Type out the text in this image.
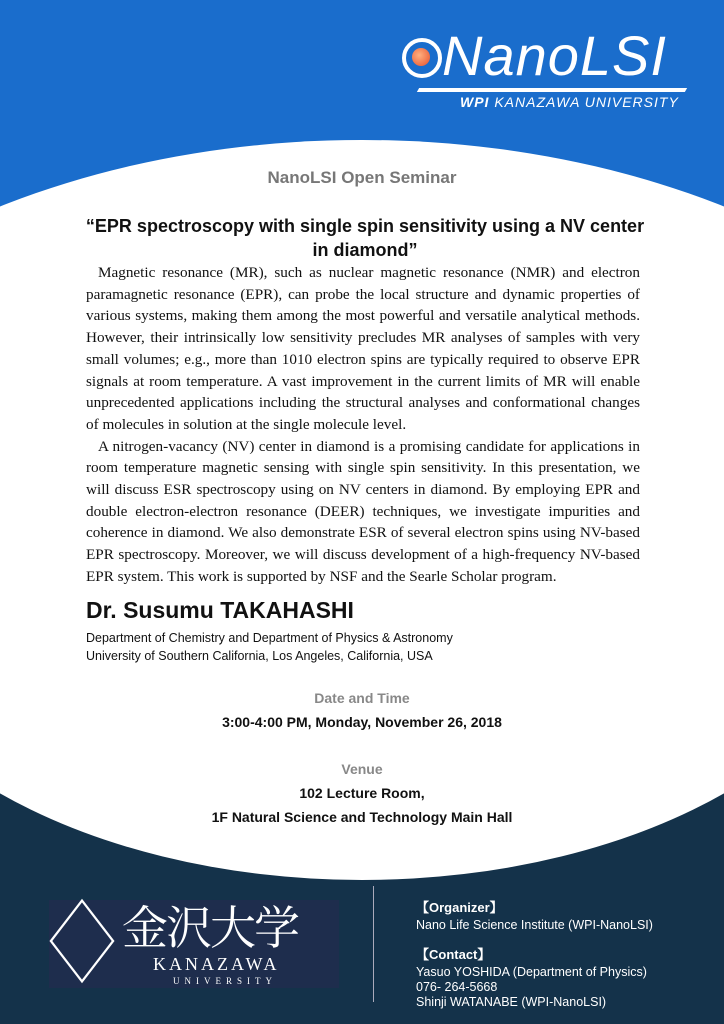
NanoLSI
WPI KANAZAWA UNIVERSITY
NanoLSI Open Seminar
“EPR spectroscopy with single spin sensitivity using a NV center in diamond”

Magnetic resonance (MR), such as nuclear magnetic resonance (NMR) and electron paramagnetic resonance (EPR), can probe the local structure and dynamic properties of various systems, making them among the most powerful and versatile analytical methods. However, their intrinsically low sensitivity precludes MR analyses of samples with very small volumes; e.g., more than 1010 electron spins are typically required to observe EPR signals at room temperature. A vast improvement in the current limits of MR will enable unprecedented applications including the structural analyses and conformational changes of molecules in solution at the single molecule level.

A nitrogen-vacancy (NV) center in diamond is a promising candidate for applications in room temperature magnetic sensing with single spin sensitivity. In this presentation, we will discuss ESR spectroscopy using on NV centers in diamond. By employing EPR and double electron-electron resonance (DEER) techniques, we investigate impurities and coherence in diamond. We also demonstrate ESR of several electron spins using NV-based EPR spectroscopy. Moreover, we will discuss development of a high-frequency NV-based EPR system. This work is supported by NSF and the Searle Scholar program.

Dr. Susumu TAKAHASHI
Department of Chemistry and Department of Physics & Astronomy
University of Southern California, Los Angeles, California, USA
Date and Time
3:00-4:00 PM, Monday, November 26, 2018
Venue
102 Lecture Room,
1F Natural Science and Technology Main Hall
金沢大学
KANAZAWA
UNIVERSITY
【Organizer】
Nano Life Science Institute (WPI-NanoLSI)
【Contact】
Yasuo YOSHIDA (Department of Physics)
076- 264-5668
Shinji WATANABE (WPI-NanoLSI)
